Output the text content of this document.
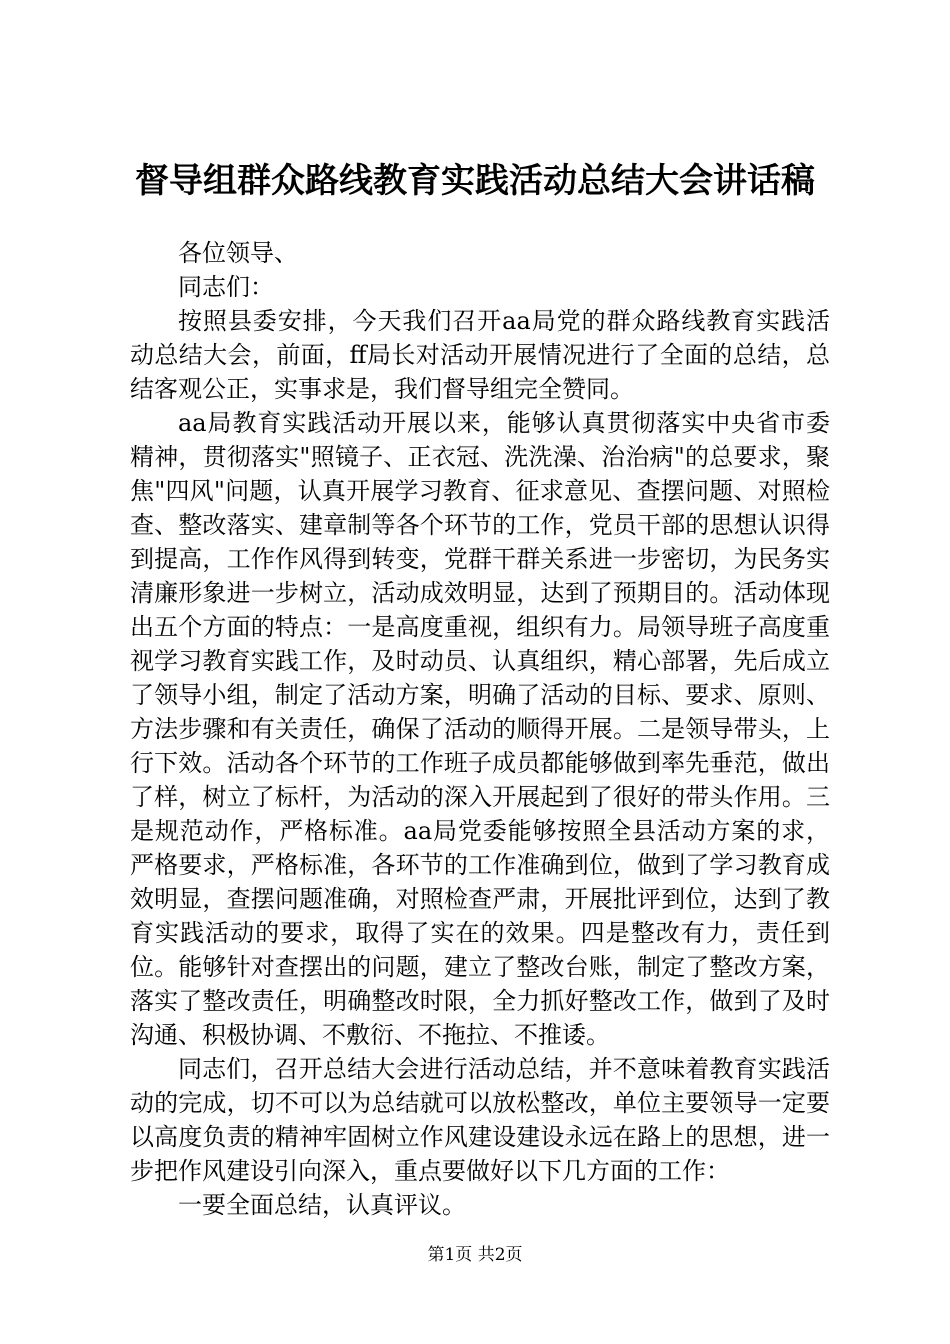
督导组群众路线教育实践活动总结大会讲话稿

各位领导、

同志们：

按照县委安排，今天我们召开aa局党的群众路线教育实践活动总结大会，前面，ff局长对活动开展情况进行了全面的总结，总结客观公正，实事求是，我们督导组完全赞同。

aa局教育实践活动开展以来，能够认真贯彻落实中央省市委精神，贯彻落实"照镜子、正衣冠、洗洗澡、治治病"的总要求，聚焦"四风"问题，认真开展学习教育、征求意见、查摆问题、对照检查、整改落实、建章制等各个环节的工作，党员干部的思想认识得到提高，工作作风得到转变，党群干群关系进一步密切，为民务实清廉形象进一步树立，活动成效明显，达到了预期目的。活动体现出五个方面的特点：一是高度重视，组织有力。局领导班子高度重视学习教育实践工作，及时动员、认真组织，精心部署，先后成立了领导小组，制定了活动方案，明确了活动的目标、要求、原则、方法步骤和有关责任，确保了活动的顺得开展。二是领导带头，上行下效。活动各个环节的工作班子成员都能够做到率先垂范，做出了样，树立了标杆，为活动的深入开展起到了很好的带头作用。三是规范动作，严格标准。aa局党委能够按照全县活动方案的求，严格要求，严格标准，各环节的工作准确到位，做到了学习教育成效明显，查摆问题准确，对照检查严肃，开展批评到位，达到了教育实践活动的要求，取得了实在的效果。四是整改有力，责任到位。能够针对查摆出的问题，建立了整改台账，制定了整改方案，落实了整改责任，明确整改时限，全力抓好整改工作，做到了及时沟通、积极协调、不敷衍、不拖拉、不推诿。

同志们，召开总结大会进行活动总结，并不意味着教育实践活动的完成，切不可以为总结就可以放松整改，单位主要领导一定要以高度负责的精神牢固树立作风建设建设永远在路上的思想，进一步把作风建设引向深入，重点要做好以下几方面的工作：

一要全面总结，认真评议。

第1页 共2页
